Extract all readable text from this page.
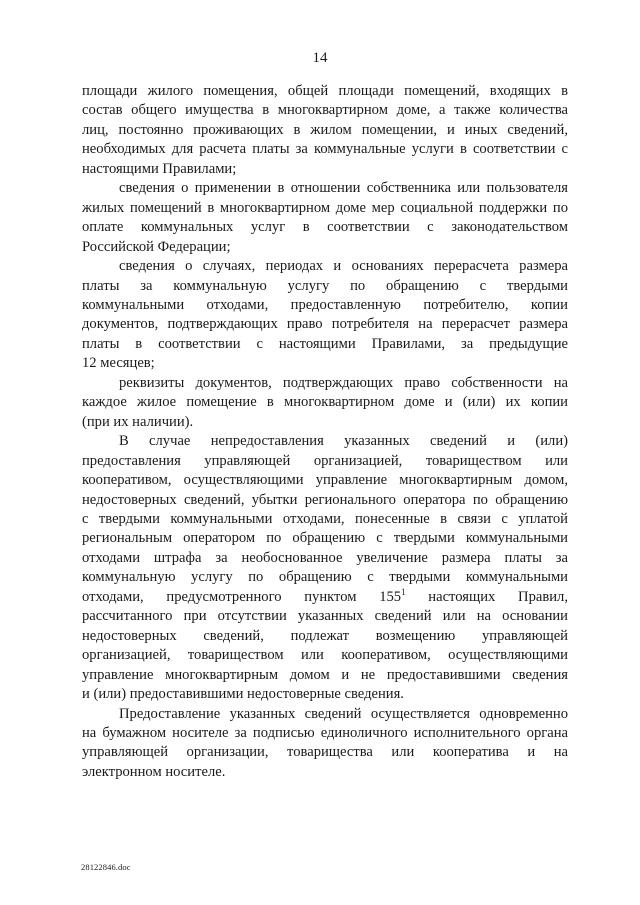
14
площади жилого помещения, общей площади помещений, входящих в
состав общего имущества в многоквартирном доме, а также количества
лиц, постоянно проживающих в жилом помещении, и иных сведений,
необходимых для расчета платы за коммунальные услуги в соответствии с
настоящими Правилами;
сведения о применении в отношении собственника или пользователя
жилых помещений в многоквартирном доме мер социальной поддержки по
оплате коммунальных услуг в соответствии с законодательством
Российской Федерации;
сведения о случаях, периодах и основаниях перерасчета размера
платы за коммунальную услугу по обращению с твердыми
коммунальными отходами, предоставленную потребителю, копии
документов, подтверждающих право потребителя на перерасчет размера
платы в соответствии с настоящими Правилами, за предыдущие
12 месяцев;
реквизиты документов, подтверждающих право собственности на
каждое жилое помещение в многоквартирном доме и (или) их копии
(при их наличии).
В случае непредоставления указанных сведений и (или)
предоставления управляющей организацией, товариществом или
кооперативом, осуществляющими управление многоквартирным домом,
недостоверных сведений, убытки регионального оператора по обращению
с твердыми коммунальными отходами, понесенные в связи с уплатой
региональным оператором по обращению с твердыми коммунальными
отходами штрафа за необоснованное увеличение размера платы за
коммунальную услугу по обращению с твердыми коммунальными
отходами, предусмотренного пунктом $155^1$ настоящих Правил,
рассчитанного при отсутствии указанных сведений или на основании
недостоверных сведений, подлежат возмещению управляющей
организацией, товариществом или кооперативом, осуществляющими
управление многоквартирным домом и не предоставившими сведения
и (или) предоставившими недостоверные сведения.
Предоставление указанных сведений осуществляется одновременно
на бумажном носителе за подписью единоличного исполнительного органа
управляющей организации, товарищества или кооператива и на
электронном носителе.
28122846.doc
